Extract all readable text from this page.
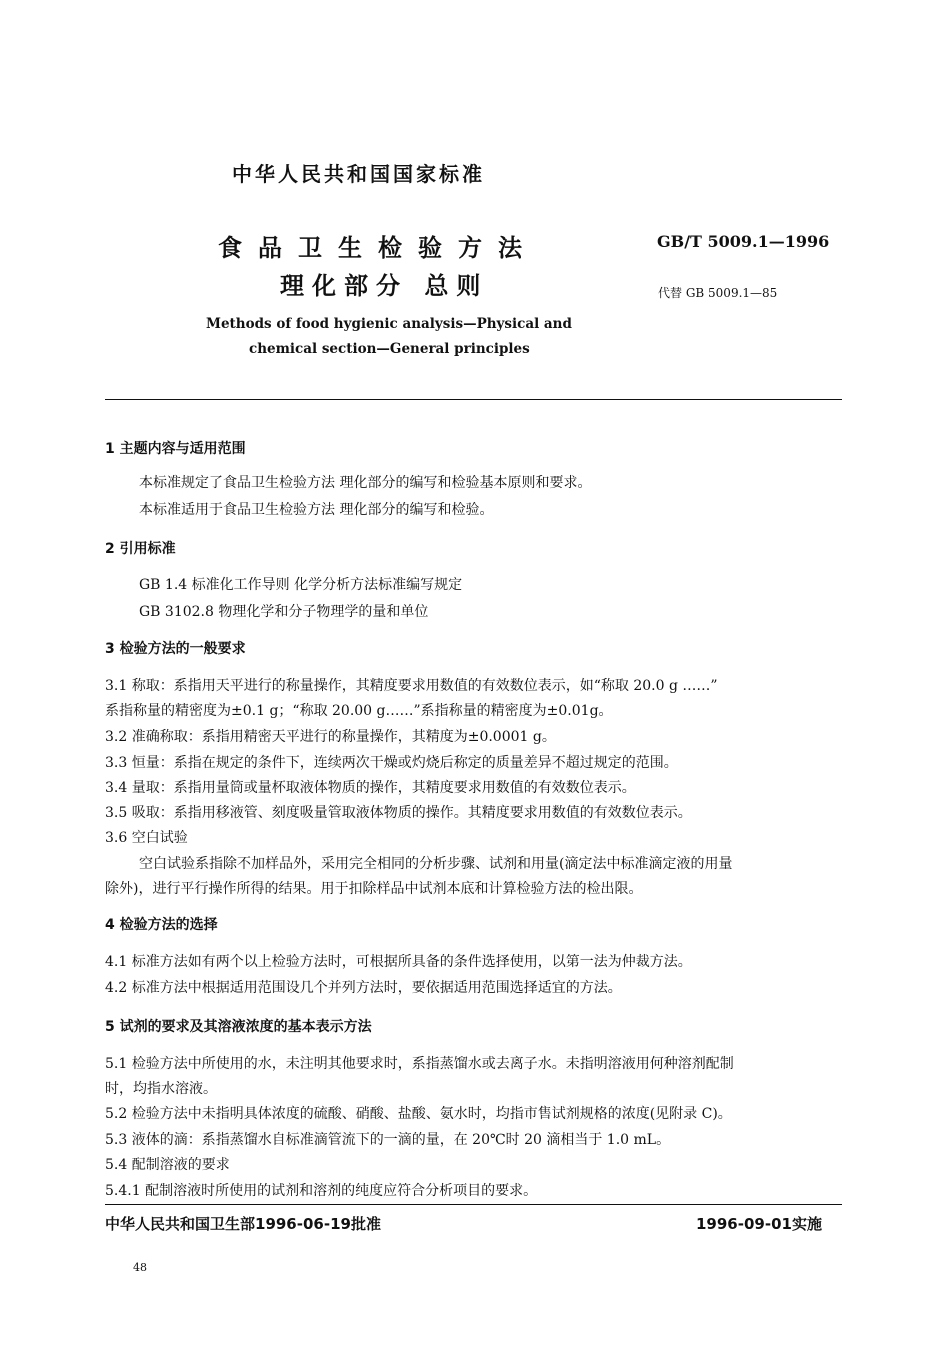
中华人民共和国国家标准
食品卫生检验方法
理化部分 总则
GB/T 5009.1—1996
代替 GB 5009.1—85
Methods of food hygienic analysis—Physical and
chemical section—General principles
1 主题内容与适用范围
本标准规定了食品卫生检验方法 理化部分的编写和检验基本原则和要求。
本标准适用于食品卫生检验方法 理化部分的编写和检验。
2 引用标准
GB 1.4 标准化工作导则 化学分析方法标准编写规定
GB 3102.8 物理化学和分子物理学的量和单位
3 检验方法的一般要求
3.1 称取：系指用天平进行的称量操作，其精度要求用数值的有效数位表示，如“称取 20.0 g ……”
系指称量的精密度为±0.1 g；“称取 20.00 g……”系指称量的精密度为±0.01g。
3.2 准确称取：系指用精密天平进行的称量操作，其精度为±0.0001 g。
3.3 恒量：系指在规定的条件下，连续两次干燥或灼烧后称定的质量差异不超过规定的范围。
3.4 量取：系指用量筒或量杯取液体物质的操作，其精度要求用数值的有效数位表示。
3.5 吸取：系指用移液管、刻度吸量管取液体物质的操作。其精度要求用数值的有效数位表示。
3.6 空白试验
空白试验系指除不加样品外，采用完全相同的分析步骤、试剂和用量(滴定法中标准滴定液的用量
除外)，进行平行操作所得的结果。用于扣除样品中试剂本底和计算检验方法的检出限。
4 检验方法的选择
4.1 标准方法如有两个以上检验方法时，可根据所具备的条件选择使用，以第一法为仲裁方法。
4.2 标准方法中根据适用范围设几个并列方法时，要依据适用范围选择适宜的方法。
5 试剂的要求及其溶液浓度的基本表示方法
5.1 检验方法中所使用的水，未注明其他要求时，系指蒸馏水或去离子水。未指明溶液用何种溶剂配制
时，均指水溶液。
5.2 检验方法中未指明具体浓度的硫酸、硝酸、盐酸、氨水时，均指市售试剂规格的浓度(见附录 C)。
5.3 液体的滴：系指蒸馏水自标准滴管流下的一滴的量，在 20℃时 20 滴相当于 1.0 mL。
5.4 配制溶液的要求
5.4.1 配制溶液时所使用的试剂和溶剂的纯度应符合分析项目的要求。
中华人民共和国卫生部1996-06-19批准	1996-09-01实施
48
